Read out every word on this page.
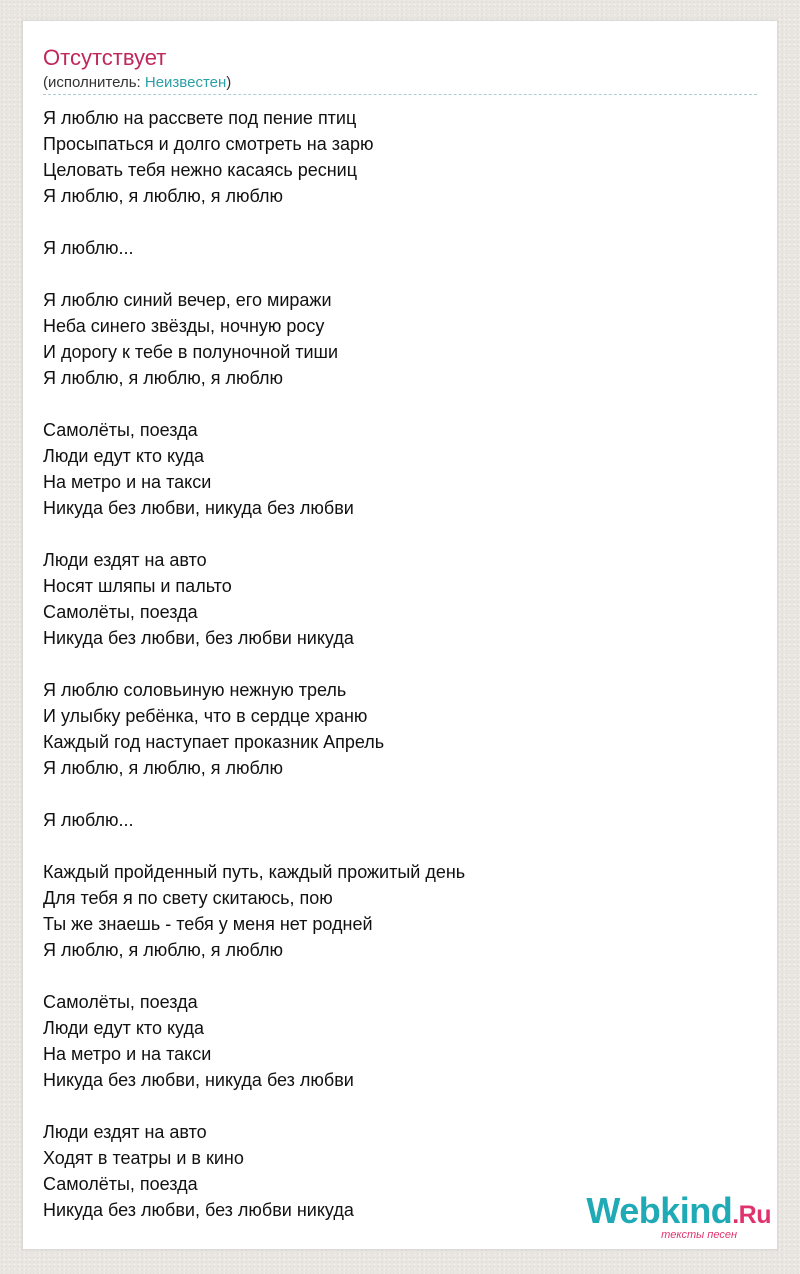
Отсутствует
(исполнитель: Неизвестен)
Я люблю на рассвете под пение птиц
Просыпаться и долго смотреть на зарю
Целовать тебя нежно касаясь ресниц
Я люблю, я люблю, я люблю
Я люблю...
Я люблю синий вечер, его миражи
Неба синего звёзды, ночную росу
И дорогу к тебе в полуночной тиши
Я люблю, я люблю, я люблю
Самолёты, поезда
Люди едут кто куда
На метро и на такси
Никуда без любви, никуда без любви
Люди ездят на авто
Носят шляпы и пальто
Самолёты, поезда
Никуда без любви, без любви никуда
Я люблю соловьиную нежную трель
И улыбку ребёнка, что в сердце храню
Каждый год наступает проказник Апрель
Я люблю, я люблю, я люблю
Я люблю...
Каждый пройденный путь, каждый прожитый день
Для тебя я по свету скитаюсь, пою
Ты же знаешь - тебя у меня нет родней
Я люблю, я люблю, я люблю
Самолёты, поезда
Люди едут кто куда
На метро и на такси
Никуда без любви, никуда без любви
Люди ездят на авто
Ходят в театры и в кино
Самолёты, поезда
Никуда без любви, без любви никуда	Webkind.Ru
тексты песен
